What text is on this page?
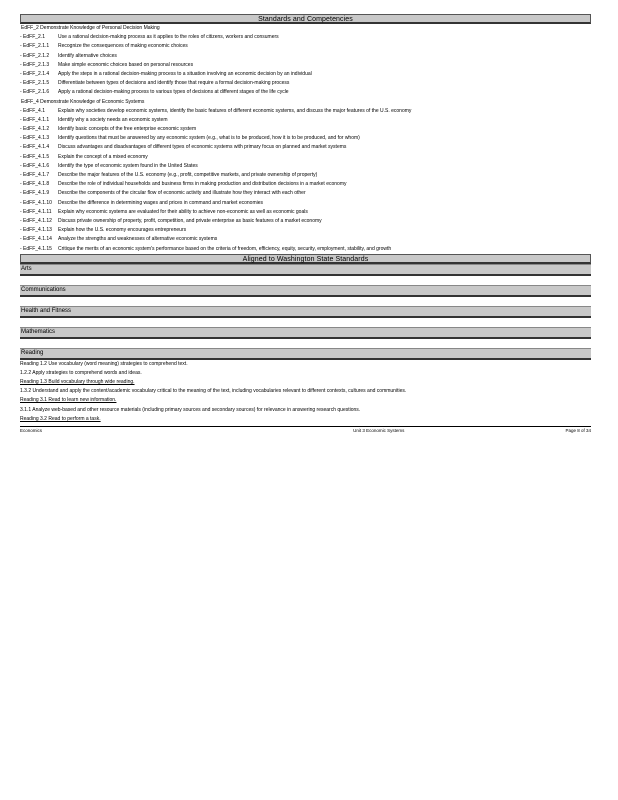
Standards and Competencies
EdFF_2 Demonstrate Knowledge of Personal Decision Making
- EdFF_2.1	Use a rational decision-making process as it applies to the roles of citizens, workers and consumers
- EdFF_2.1.1	Recognize the consequences of making economic choices
- EdFF_2.1.2	Identify alternative choices
- EdFF_2.1.3	Make simple economic choices based on personal resources
- EdFF_2.1.4	Apply the steps in a rational decision-making process to a situation involving an economic decision by an individual
- EdFF_2.1.5	Differentiate between types of decisions and identify those that require a formal decision-making process
- EdFF_2.1.6	Apply a rational decision-making process to various types of decisions at different stages of the life cycle
EdFF_4 Demonstrate Knowledge of Economic Systems
- EdFF_4.1	Explain why societies develop economic systems, identify the basic features of different economic systems, and discuss the major features of the U.S. economy
- EdFF_4.1.1	Identify why a society needs an economic system
- EdFF_4.1.2	Identify basic concepts of the free enterprise economic system
- EdFF_4.1.3	Identify questions that must be answered by any economic system (e.g., what is to be produced, how it is to be produced, and for whom)
- EdFF_4.1.4	Discuss advantages and disadvantages of different types of economic systems with primary focus on planned and market systems
- EdFF_4.1.5	Explain the concept of a mixed economy
- EdFF_4.1.6	Identify the type of economic system found in the United States
- EdFF_4.1.7	Describe the major features of the U.S. economy (e.g., profit, competitive markets, and private ownership of property)
- EdFF_4.1.8	Describe the role of individual households and business firms in making production and distribution decisions in a market economy
- EdFF_4.1.9	Describe the components of the circular flow of economic activity and illustrate how they interact with each other
- EdFF_4.1.10	Describe the difference in determining wages and prices in command and market economies
- EdFF_4.1.11	Explain why economic systems are evaluated for their ability to achieve non-economic as well as economic goals
- EdFF_4.1.12	Discuss private ownership of property, profit, competition, and private enterprise as basic features of a market economy
- EdFF_4.1.13	Explain how the U.S. economy encourages entrepreneurs
- EdFF_4.1.14	Analyze the strengths and weaknesses of alternative economic systems
- EdFF_4.1.15	Critique the merits of an economic system's performance based on the criteria of freedom, efficiency, equity, security, employment, stability, and growth
Aligned to Washington State Standards
Arts
Communications
Health and Fitness
Mathematics
Reading
Reading 1.2 Use vocabulary (word meaning) strategies to comprehend text.
1.2.2 Apply strategies to comprehend words and ideas.
Reading 1.3 Build vocabulary through wide reading.
1.3.2 Understand and apply the content/academic vocabulary critical to the meaning of the text, including vocabularies relevant to different contexts, cultures and communities.
Reading 3.1 Read to learn new information.
3.1.1 Analyze web-based and other resource materials (including primary sources and secondary sources) for relevance in answering research questions.
Reading 3.2 Read to perform a task.
Economics	Unit 3 Economic Systems	Page 8 of 34
